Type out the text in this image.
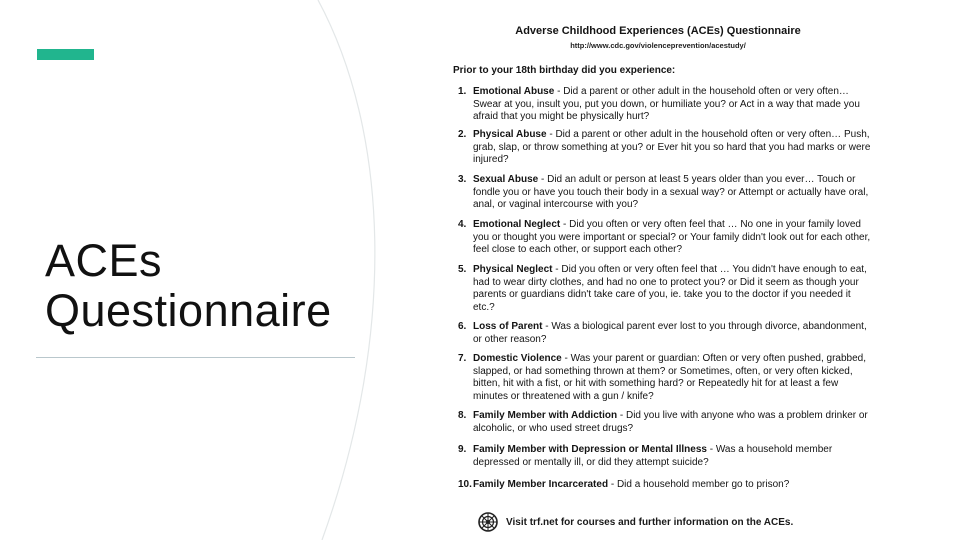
ACEs
Questionnaire
Adverse Childhood Experiences (ACEs) Questionnaire
http://www.cdc.gov/violenceprevention/acestudy/
Prior to your 18th birthday did you experience:
1. Emotional Abuse - Did a parent or other adult in the household often or very often… Swear at you, insult you, put you down, or humiliate you? or Act in a way that made you afraid that you might be physically hurt?
2. Physical Abuse - Did a parent or other adult in the household often or very often… Push, grab, slap, or throw something at you? or Ever hit you so hard that you had marks or were injured?
3. Sexual Abuse - Did an adult or person at least 5 years older than you ever… Touch or fondle you or have you touch their body in a sexual way? or Attempt or actually have oral, anal, or vaginal intercourse with you?
4. Emotional Neglect - Did you often or very often feel that … No one in your family loved you or thought you were important or special? or Your family didn't look out for each other, feel close to each other, or support each other?
5. Physical Neglect - Did you often or very often feel that … You didn't have enough to eat, had to wear dirty clothes, and had no one to protect you? or Did it seem as though your parents or guardians didn't take care of you, ie. take you to the doctor if you needed it etc.?
6. Loss of Parent - Was a biological parent ever lost to you through divorce, abandonment, or other reason?
7. Domestic Violence - Was your parent or guardian: Often or very often pushed, grabbed, slapped, or had something thrown at them? or Sometimes, often, or very often kicked, bitten, hit with a fist, or hit with something hard? or Repeatedly hit for at least a few minutes or threatened with a gun / knife?
8. Family Member with Addiction - Did you live with anyone who was a problem drinker or alcoholic, or who used street drugs?
9. Family Member with Depression or Mental Illness - Was a household member depressed or mentally ill, or did they attempt suicide?
10. Family Member Incarcerated - Did a household member go to prison?
Visit trf.net for courses and further information on the ACEs.
